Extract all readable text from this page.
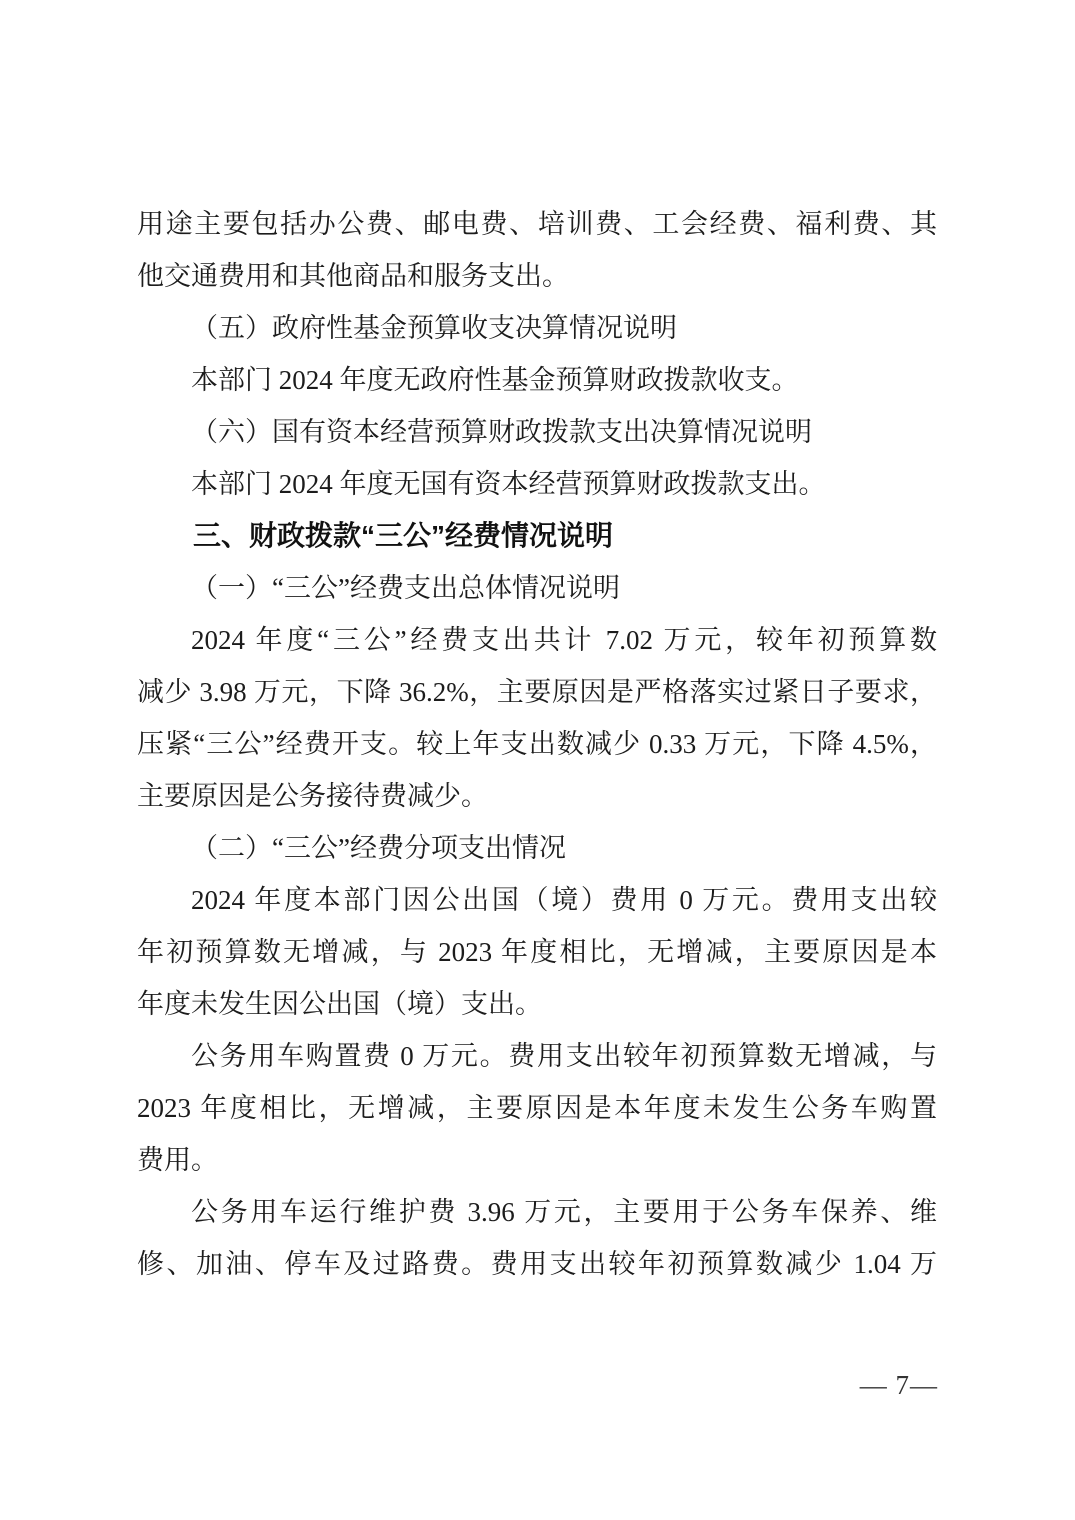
用途主要包括办公费、邮电费、培训费、工会经费、福利费、其
他交通费用和其他商品和服务支出。
（五）政府性基金预算收支决算情况说明
本部门 2024 年度无政府性基金预算财政拨款收支。
（六）国有资本经营预算财政拨款支出决算情况说明
本部门 2024 年度无国有资本经营预算财政拨款支出。
三、财政拨款“三公”经费情况说明
（一）“三公”经费支出总体情况说明
2024 年度“三公”经费支出共计 7.02 万元，较年初预算数
减少 3.98 万元，下降 36.2%，主要原因是严格落实过紧日子要求，
压紧“三公”经费开支。较上年支出数减少 0.33 万元，下降 4.5%，
主要原因是公务接待费减少。
（二）“三公”经费分项支出情况
2024 年度本部门因公出国（境）费用 0 万元。费用支出较
年初预算数无增减，与 2023 年度相比，无增减，主要原因是本
年度未发生因公出国（境）支出。
公务用车购置费 0 万元。费用支出较年初预算数无增减，与
2023 年度相比，无增减，主要原因是本年度未发生公务车购置
费用。
公务用车运行维护费 3.96 万元，主要用于公务车保养、维
修、加油、停车及过路费。费用支出较年初预算数减少 1.04 万
— 7—
